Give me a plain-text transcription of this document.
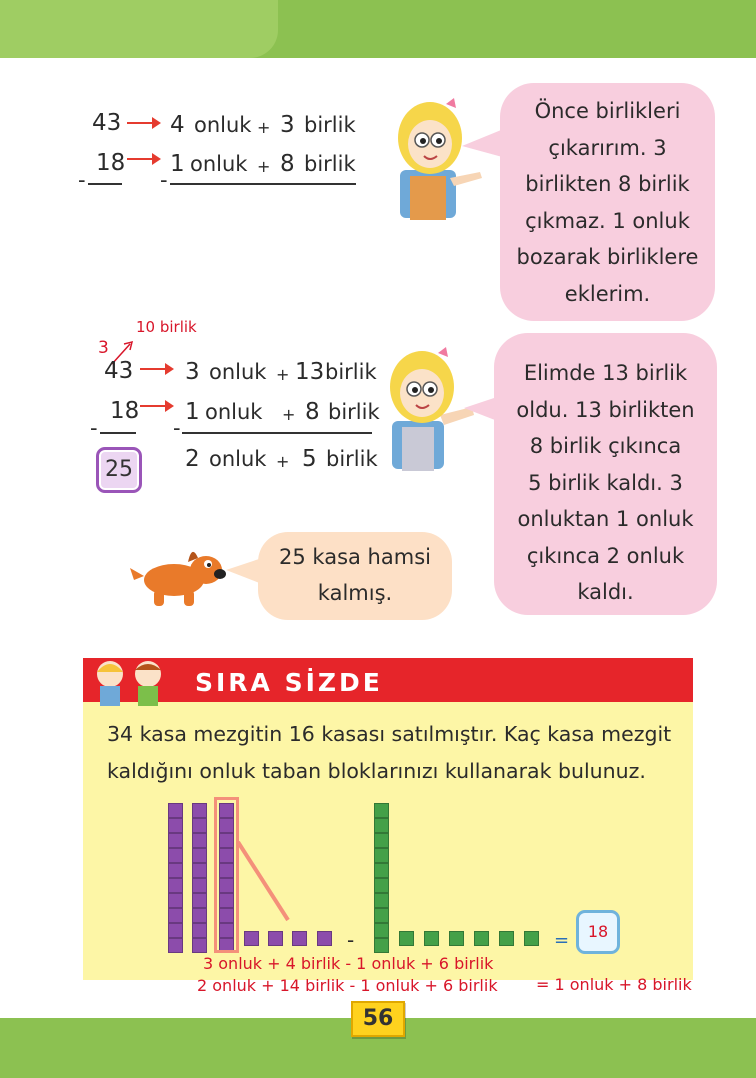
56
43 4 onluk + 3 birlik
18 1 onluk + 8 birlik
-	-
Önce birlikleri
çıkarırım. 3
birlikten 8 birlik
çıkmaz. 1 onluk
bozarak birliklere
eklerim.
10 birlik
3
43 3 onluk + 13 birlik
18 1 onluk + 8 birlik
-	-
2 onluk + 5 birlik
25
Elimde 13 birlik
oldu. 13 birlikten
8 birlik çıkınca
5 birlik kaldı. 3
onluktan 1 onluk
çıkınca 2 onluk
kaldı.
25 kasa hamsi
kalmış.
SIRA SİZDE
34 kasa mezgitin 16 kasası satılmıştır. Kaç kasa mezgit
kaldığını onluk taban bloklarınızı kullanarak bulunuz.
-	=	18
3 onluk + 4 birlik - 1 onluk + 6 birlik
2 onluk + 14 birlik - 1 onluk + 6 birlik = 1 onluk + 8 birlik
